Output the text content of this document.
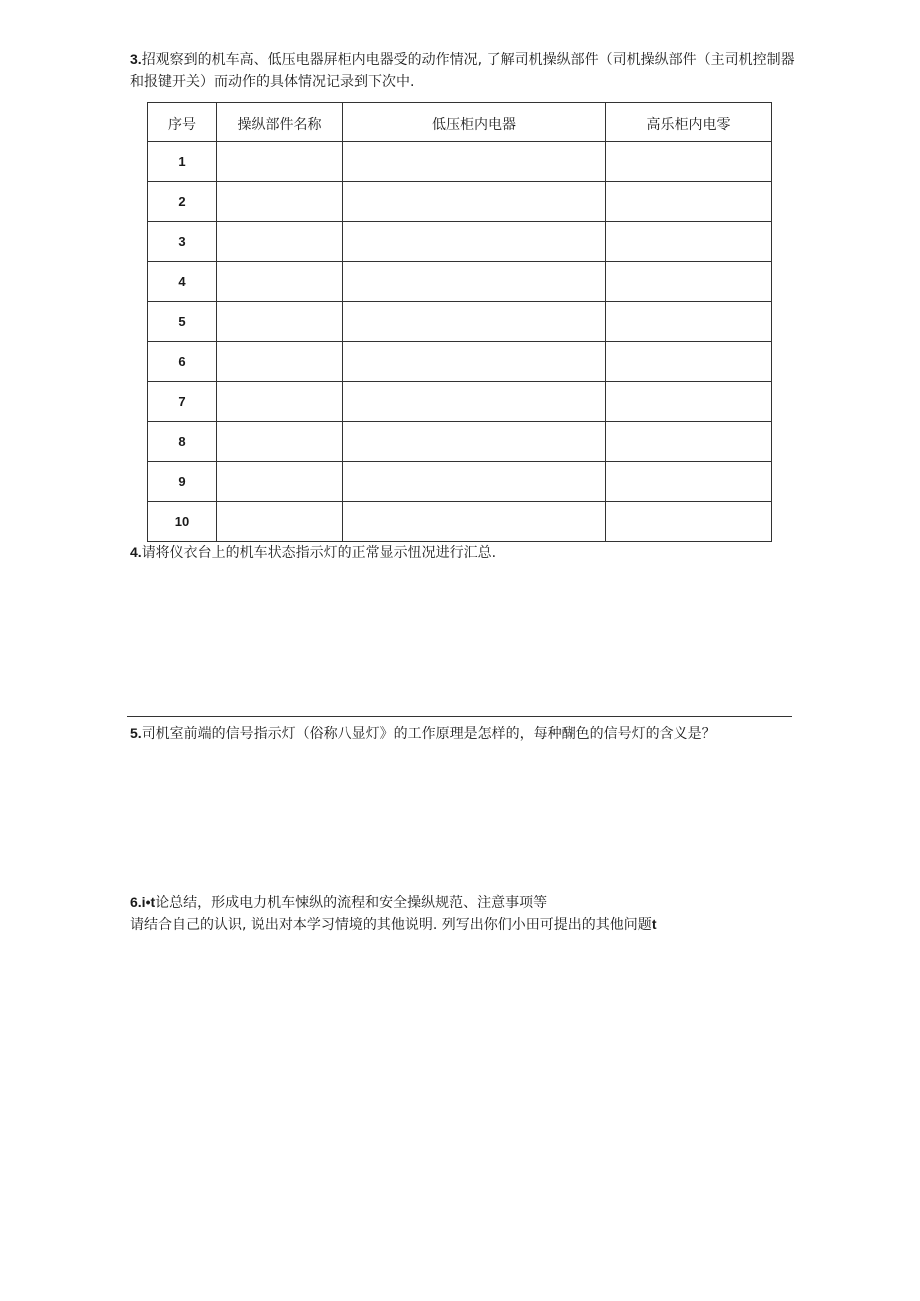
3.招观察到的机车高、低压电器屏柜内电器受的动作情况, 了解司机操纵部件（司机操纵部件（主司机控制器和报键开关）而动作的具体情况记录到下次中.

序号	操纵部件名称	低压柜内电器	高乐柜内电零
1			
2			
3			
4			
5			
6			
7			
8			
9			
10			

4.请将仪衣台上的机车状态指示灯的正常显示忸况进行汇总.

5.司机室前端的信号指示灯（俗称八显灯》的工作原理是怎样的，每种醐色的信号灯的含义是？

6.i•t论总结，形成电力机车悚纵的流程和安全操纵规范、注意事项等

请结合自己的认识, 说出对本学习情境的其他说明. 列写出你们小田可提出的其他问题t
